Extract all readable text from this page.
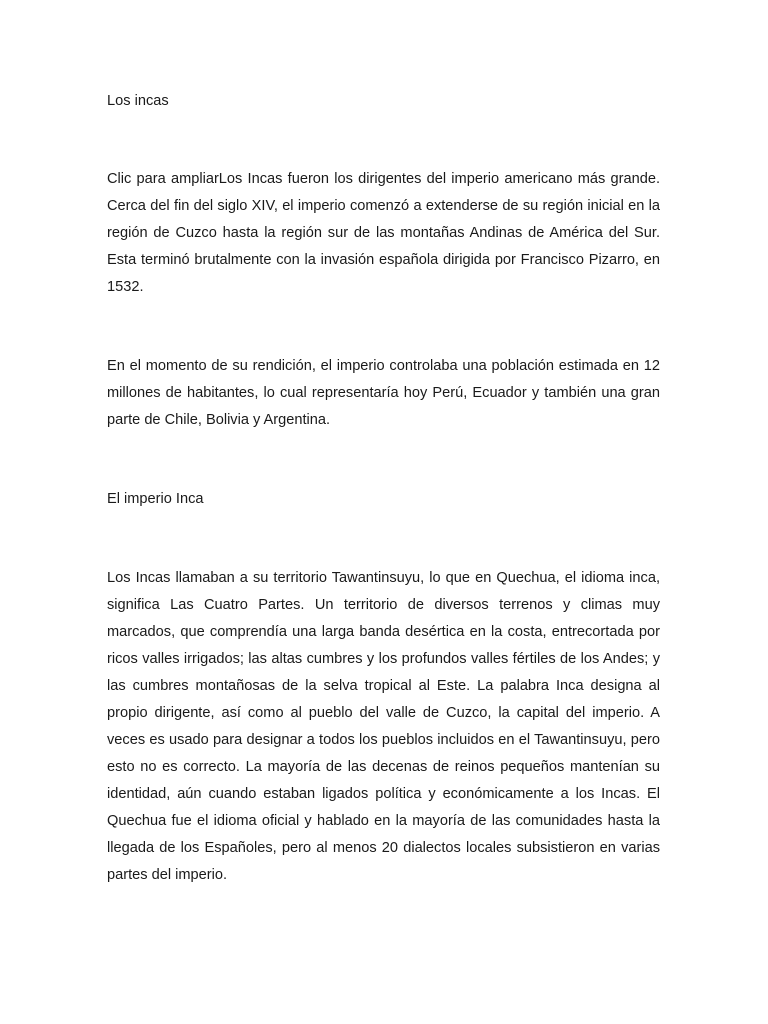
Los incas

Clic para ampliarLos Incas fueron los dirigentes del imperio americano más grande. Cerca del fin del siglo XIV, el imperio comenzó a extenderse de su región inicial en la región de Cuzco hasta la región sur de las montañas Andinas de América del Sur. Esta terminó brutalmente con la invasión española dirigida por Francisco Pizarro, en 1532.

En el momento de su rendición, el imperio controlaba una población estimada en 12 millones de habitantes, lo cual representaría hoy Perú, Ecuador y también una gran parte de Chile, Bolivia y Argentina.

El imperio Inca

Los Incas llamaban a su territorio Tawantinsuyu, lo que en Quechua, el idioma inca, significa Las Cuatro Partes. Un territorio de diversos terrenos y climas muy marcados, que comprendía una larga banda desértica en la costa, entrecortada por ricos valles irrigados; las altas cumbres y los profundos valles fértiles de los Andes; y las cumbres montañosas de la selva tropical al Este. La palabra Inca designa al propio dirigente, así como al pueblo del valle de Cuzco, la capital del imperio. A veces es usado para designar a todos los pueblos incluidos en el Tawantinsuyu, pero esto no es correcto. La mayoría de las decenas de reinos pequeños mantenían su identidad, aún cuando estaban ligados política y económicamente a los Incas. El Quechua fue el idioma oficial y hablado en la mayoría de las comunidades hasta la llegada de los Españoles, pero al menos 20 dialectos locales subsistieron en varias partes del imperio.
